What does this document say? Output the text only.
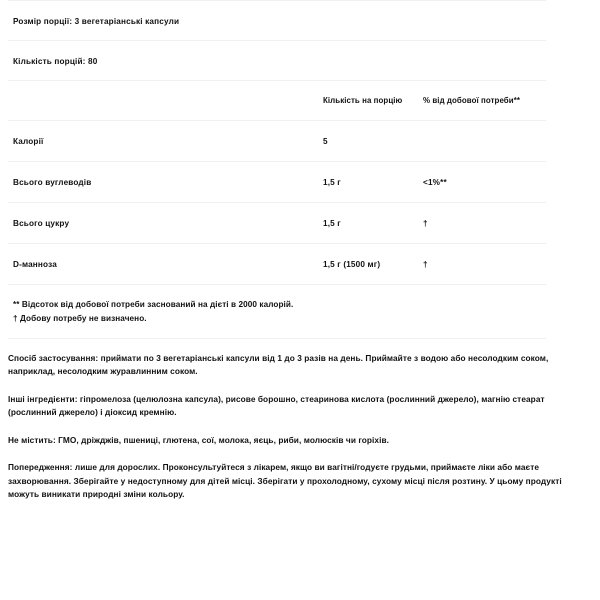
Розмір порції: 3 вегетаріанські капсули		

Кількість порцій: 80		

	Кількість на порцію	% від добової потреби**

Калорії	5	

Всього вуглеводів	1,5 г	<1%**

Всього цукру	1,5 г	†

D-манноза	1,5 г (1500 мг)	†

** Відсоток від добової потреби заснований на дієті в 2000 калорій.
† Добову потребу не визначено.		

Спосіб застосування: приймати по 3 вегетаріанські капсули від 1 до 3 разів на день. Приймайте з водою або несолодким соком, наприклад, несолодким журавлинним соком.

Інші інгредієнти: гіпромелоза (целюлозна капсула), рисове борошно, стеаринова кислота (рослинний джерело), магнію стеарат (рослинний джерело) і діоксид кремнію.

Не містить: ГМО, дріжджів, пшениці, глютена, сої, молока, яєць, риби, молюсків чи горіхів.

Попередження: лише для дорослих. Проконсультуйтеся з лікарем, якщо ви вагітні/годуєте грудьми, приймаєте ліки або маєте захворювання. Зберігайте у недоступному для дітей місці. Зберігати у прохолодному, сухому місці після розтину. У цьому продукті можуть виникати природні зміни кольору.
